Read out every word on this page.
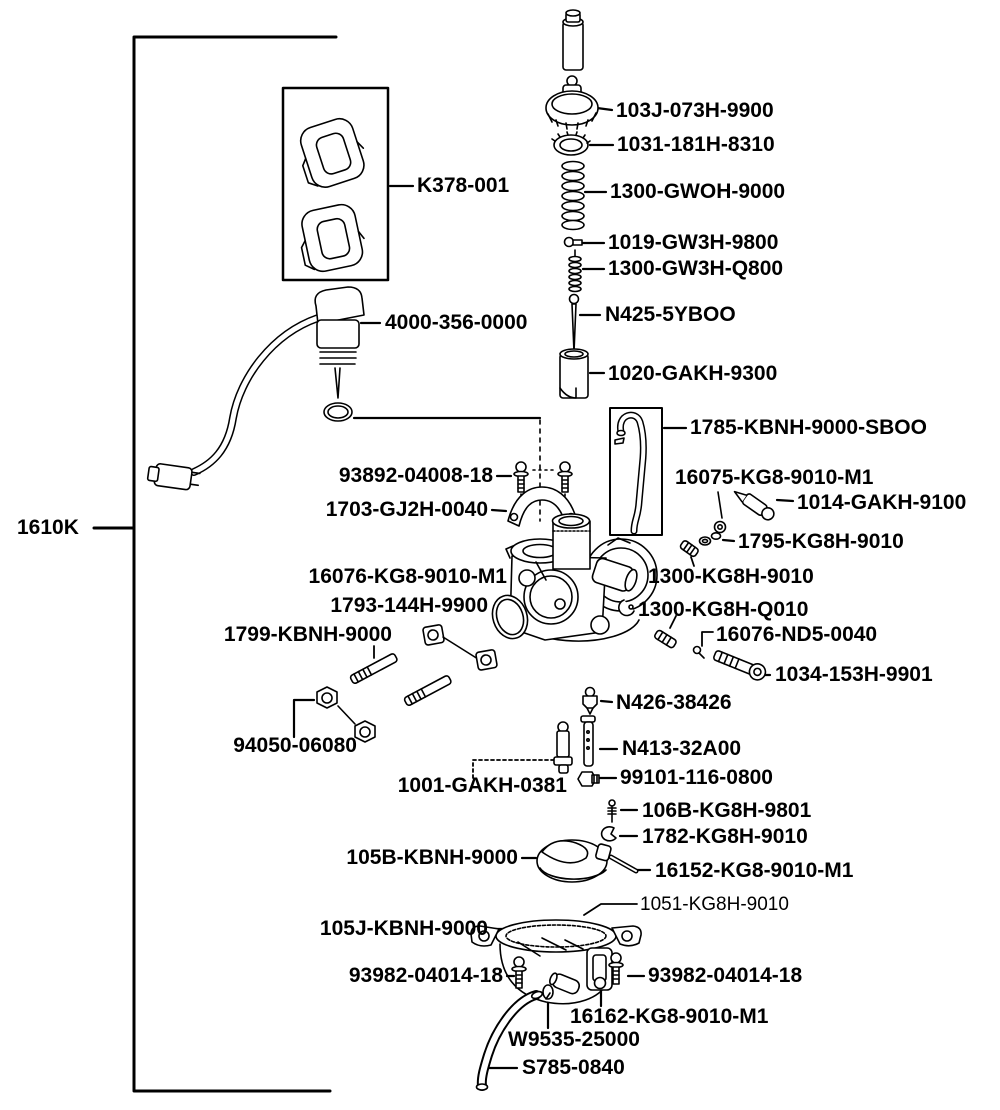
103J-073H-9900
1031-181H-8310
1300-GWOH-9000
1019-GW3H-9800
1300-GW3H-Q800
N425-5YBOO
1020-GAKH-9300
K378-001
4000-356-0000
1785-KBNH-9000-SBOO
16075-KG8-9010-M1
1014-GAKH-9100
1795-KG8H-9010
93892-04008-18
1703-GJ2H-0040
16076-KG8-9010-M1
1793-144H-9900
1300-KG8H-9010
1300-KG8H-Q010
16076-ND5-0040
1799-KBNH-9000
1034-153H-9901
N426-38426
94050-06080	N413-32A00
1001-GAKH-0381	99101-116-0800
106B-KG8H-9801
1782-KG8H-9010
105B-KBNH-9000
16152-KG8-9010-M1
1051-KG8H-9010
105J-KBNH-9000
93982-04014-18	93982-04014-18
16162-KG8-9010-M1
W9535-25000
S785-0840
1610K
